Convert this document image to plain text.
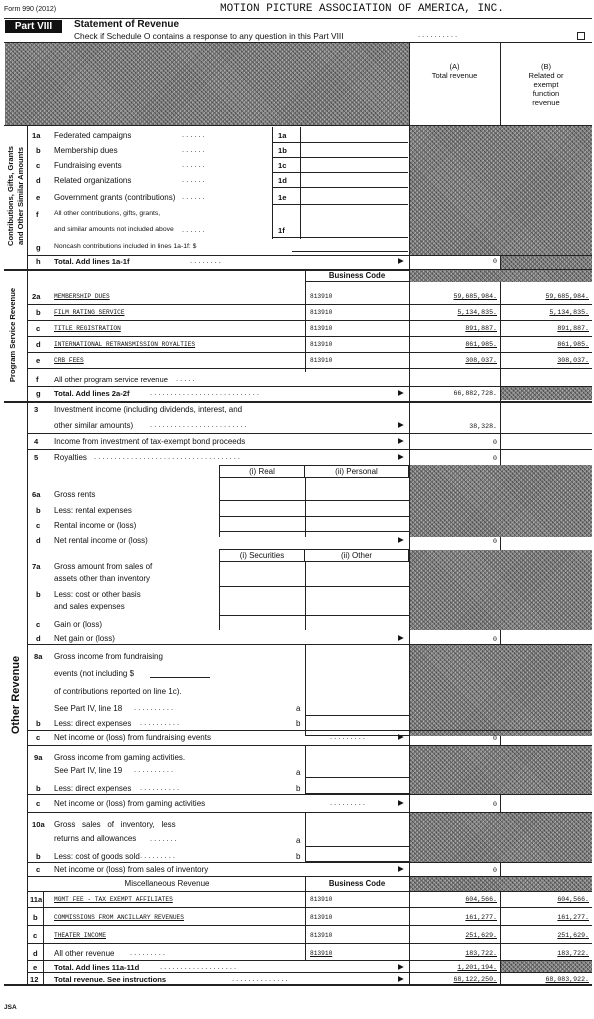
Form 990 (2012)	MOTION PICTURE ASSOCIATION OF AMERICA, INC.
Part VIII	Statement of Revenue
Check if Schedule O contains a response to any question in this Part VIII	..........
(A)
Total revenue
(B)
Related or
exempt
function
revenue
Contributions, Gifts, Grants and Other Similar Amounts
1a Federated campaigns	......	1a
b Membership dues	......	1b
c Fundraising events	......	1c
d Related organizations	......	1d
e Government grants (contributions) ......	1e
f All other contributions, gifts, grants,
and similar amounts not included above ......	1f
g Noncash contributions included in lines 1a-1f: $
h Total. Add lines 1a-1f	........	▶	0
Program Service Revenue
Business Code
2a MEMBERSHIP DUES	813910	59,685,984.	59,685,984.
b FILM RATING SERVICE	813910	5,134,835.	5,134,835.
c TITLE REGISTRATION	813910	891,887.	891,887.
d INTERNATIONAL RETRANSMISSION ROYALTIES	813910	861,985.	861,985.
e CRB FEES	813910	308,037.	308,037.
f All other program service revenue .....
g Total. Add lines 2a-2f	...........................	▶	66,882,728.
Other Revenue
3 Investment income (including dividends, interest, and
other similar amounts) ........................	▶	38,328.
4 Income from investment of tax-exempt bond proceeds	▶	0
5 Royalties ....................................	▶	0
(i) Real	(ii) Personal
6a Gross rents
b Less: rental expenses
c Rental income or (loss)
d Net rental income or (loss)	▶	0
(i) Securities	(ii) Other
7a Gross amount from sales of
assets other than inventory
b Less: cost or other basis
and sales expenses
c Gain or (loss)
d Net gain or (loss)	▶	0
8a Gross income from fundraising
events (not including $
of contributions reported on line 1c).
See Part IV, line 18 ..........	a
b Less: direct expenses ..........	b
c Net income or (loss) from fundraising events	.........	▶	0
9a Gross income from gaming activities.
See Part IV, line 19 ..........	a
b Less: direct expenses ..........	b
c Net income or (loss) from gaming activities	.........	▶	0
10a Gross   sales   of   inventory,   less
returns and allowances .......	a
b Less: cost of goods sold .........	b
c Net income or (loss) from sales of inventory	▶	0
Miscellaneous Revenue	Business Code
11a MGMT FEE - TAX EXEMPT AFFILIATES	813910	604,566.	604,566.
b	COMMISSIONS FROM ANCILLARY REVENUES	813910	161,277.	161,277.
c	THEATER INCOME	813910	251,629.	251,629.
d All other revenue .........	813910	183,722.	183,722.
e Total. Add lines 11a-11d	...................	▶	1,201,194.
12 Total revenue. See instructions	..............	▶	68,122,250.	68,083,922.
JSA
